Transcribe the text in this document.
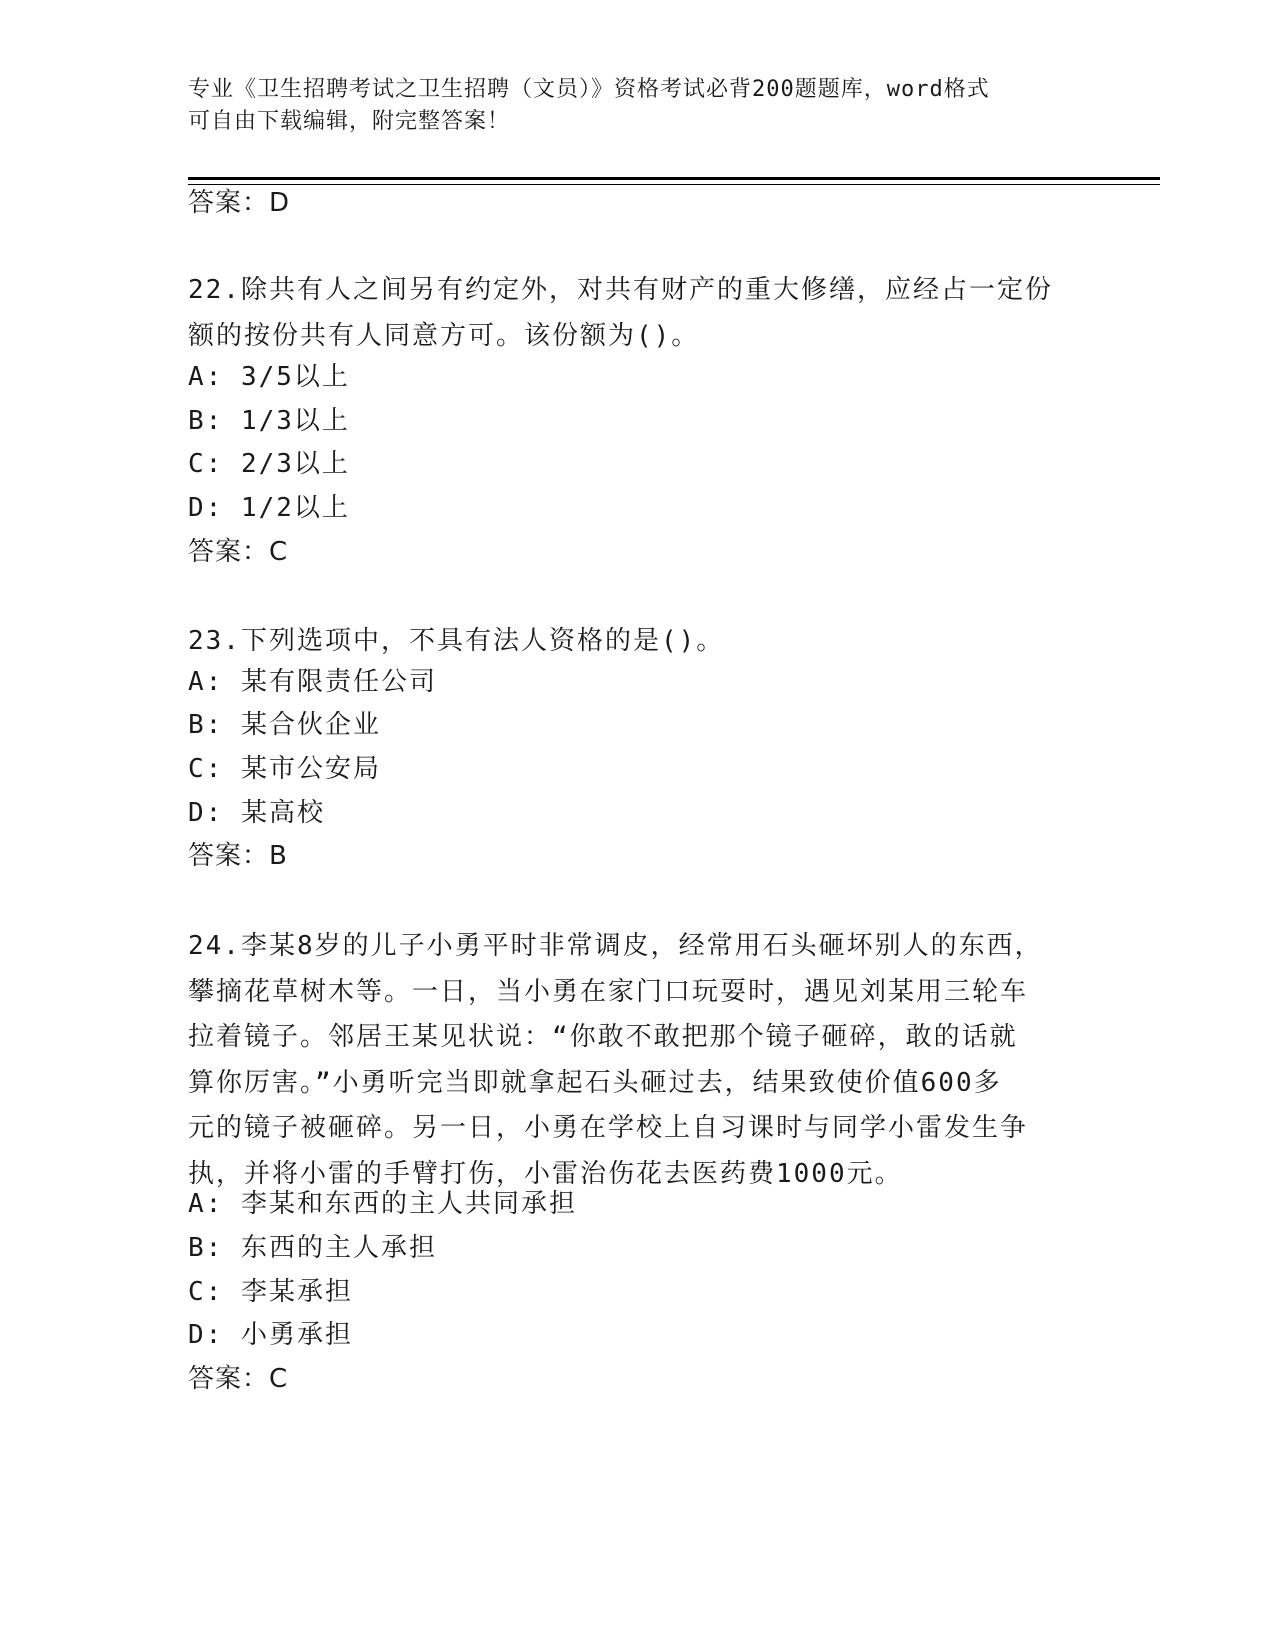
专业《卫生招聘考试之卫生招聘（文员）》资格考试必背200题题库，word格式
可自由下载编辑，附完整答案！
答案：D
22.除共有人之间另有约定外，对共有财产的重大修缮，应经占一定份
额的按份共有人同意方可。该份额为()。
A: 3/5以上
B: 1/3以上
C: 2/3以上
D: 1/2以上
答案：C
23.下列选项中，不具有法人资格的是()。
A: 某有限责任公司
B: 某合伙企业
C: 某市公安局
D: 某高校
答案：B
24.李某8岁的儿子小勇平时非常调皮，经常用石头砸坏别人的东西，
攀摘花草树木等。一日，当小勇在家门口玩耍时，遇见刘某用三轮车
拉着镜子。邻居王某见状说：“你敢不敢把那个镜子砸碎，敢的话就
算你厉害。”小勇听完当即就拿起石头砸过去，结果致使价值600多
元的镜子被砸碎。另一日，小勇在学校上自习课时与同学小雷发生争
执，并将小雷的手臂打伤，小雷治伤花去医药费1000元。
A: 李某和东西的主人共同承担
B: 东西的主人承担
C: 李某承担
D: 小勇承担
答案：C
